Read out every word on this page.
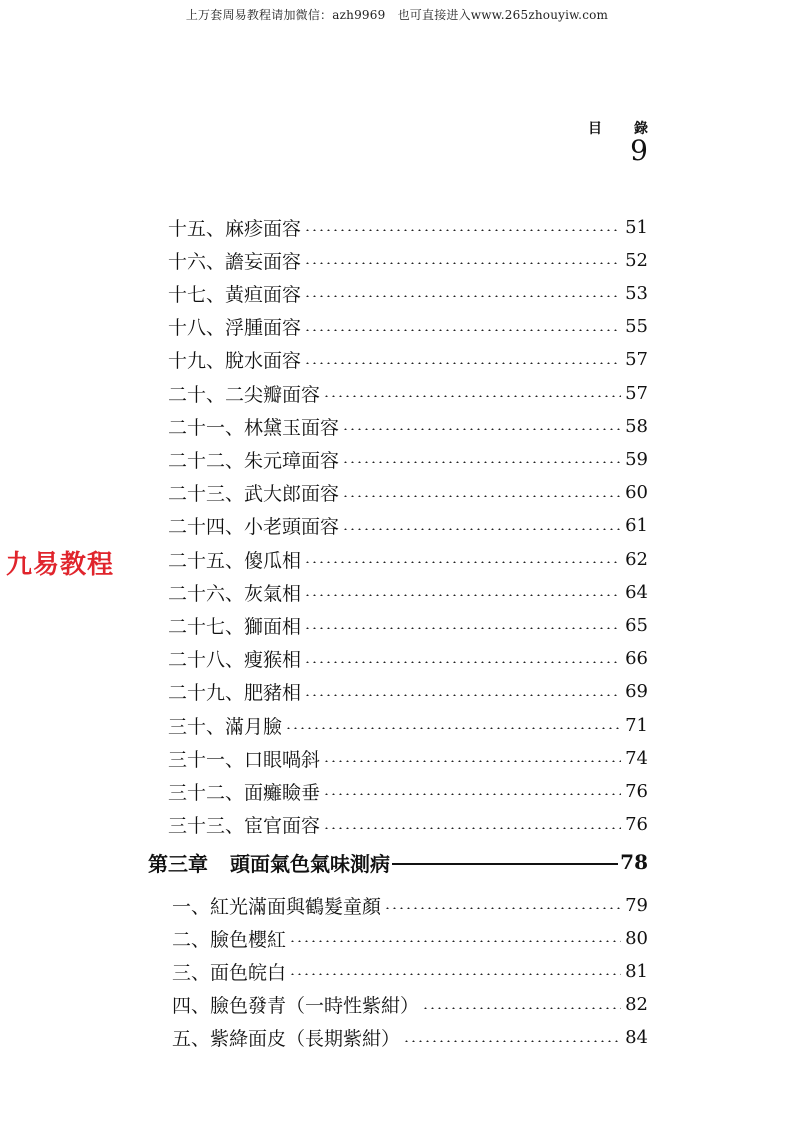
上万套周易教程请加微信：azh9969　也可直接进入www.265zhouyiw.com
目 錄
9
九易教程
十五、麻疹面容	51
十六、譫妄面容	52
十七、黃疸面容	53
十八、浮腫面容	55
十九、脫水面容	57
二十、二尖瓣面容	57
二十一、林黛玉面容	58
二十二、朱元璋面容	59
二十三、武大郎面容	60
二十四、小老頭面容	61
二十五、傻瓜相	62
二十六、灰氣相	64
二十七、獅面相	65
二十八、瘦猴相	66
二十九、肥豬相	69
三十、滿月臉	71
三十一、口眼喎斜	74
三十二、面癱瞼垂	76
三十三、宦官面容	76
第三章 頭面氣色氣味測病	78
一、紅光滿面與鶴髮童顏	79
二、臉色櫻紅	80
三、面色皖白	81
四、臉色發青（一時性紫紺）	82
五、紫絳面皮（長期紫紺）	84
